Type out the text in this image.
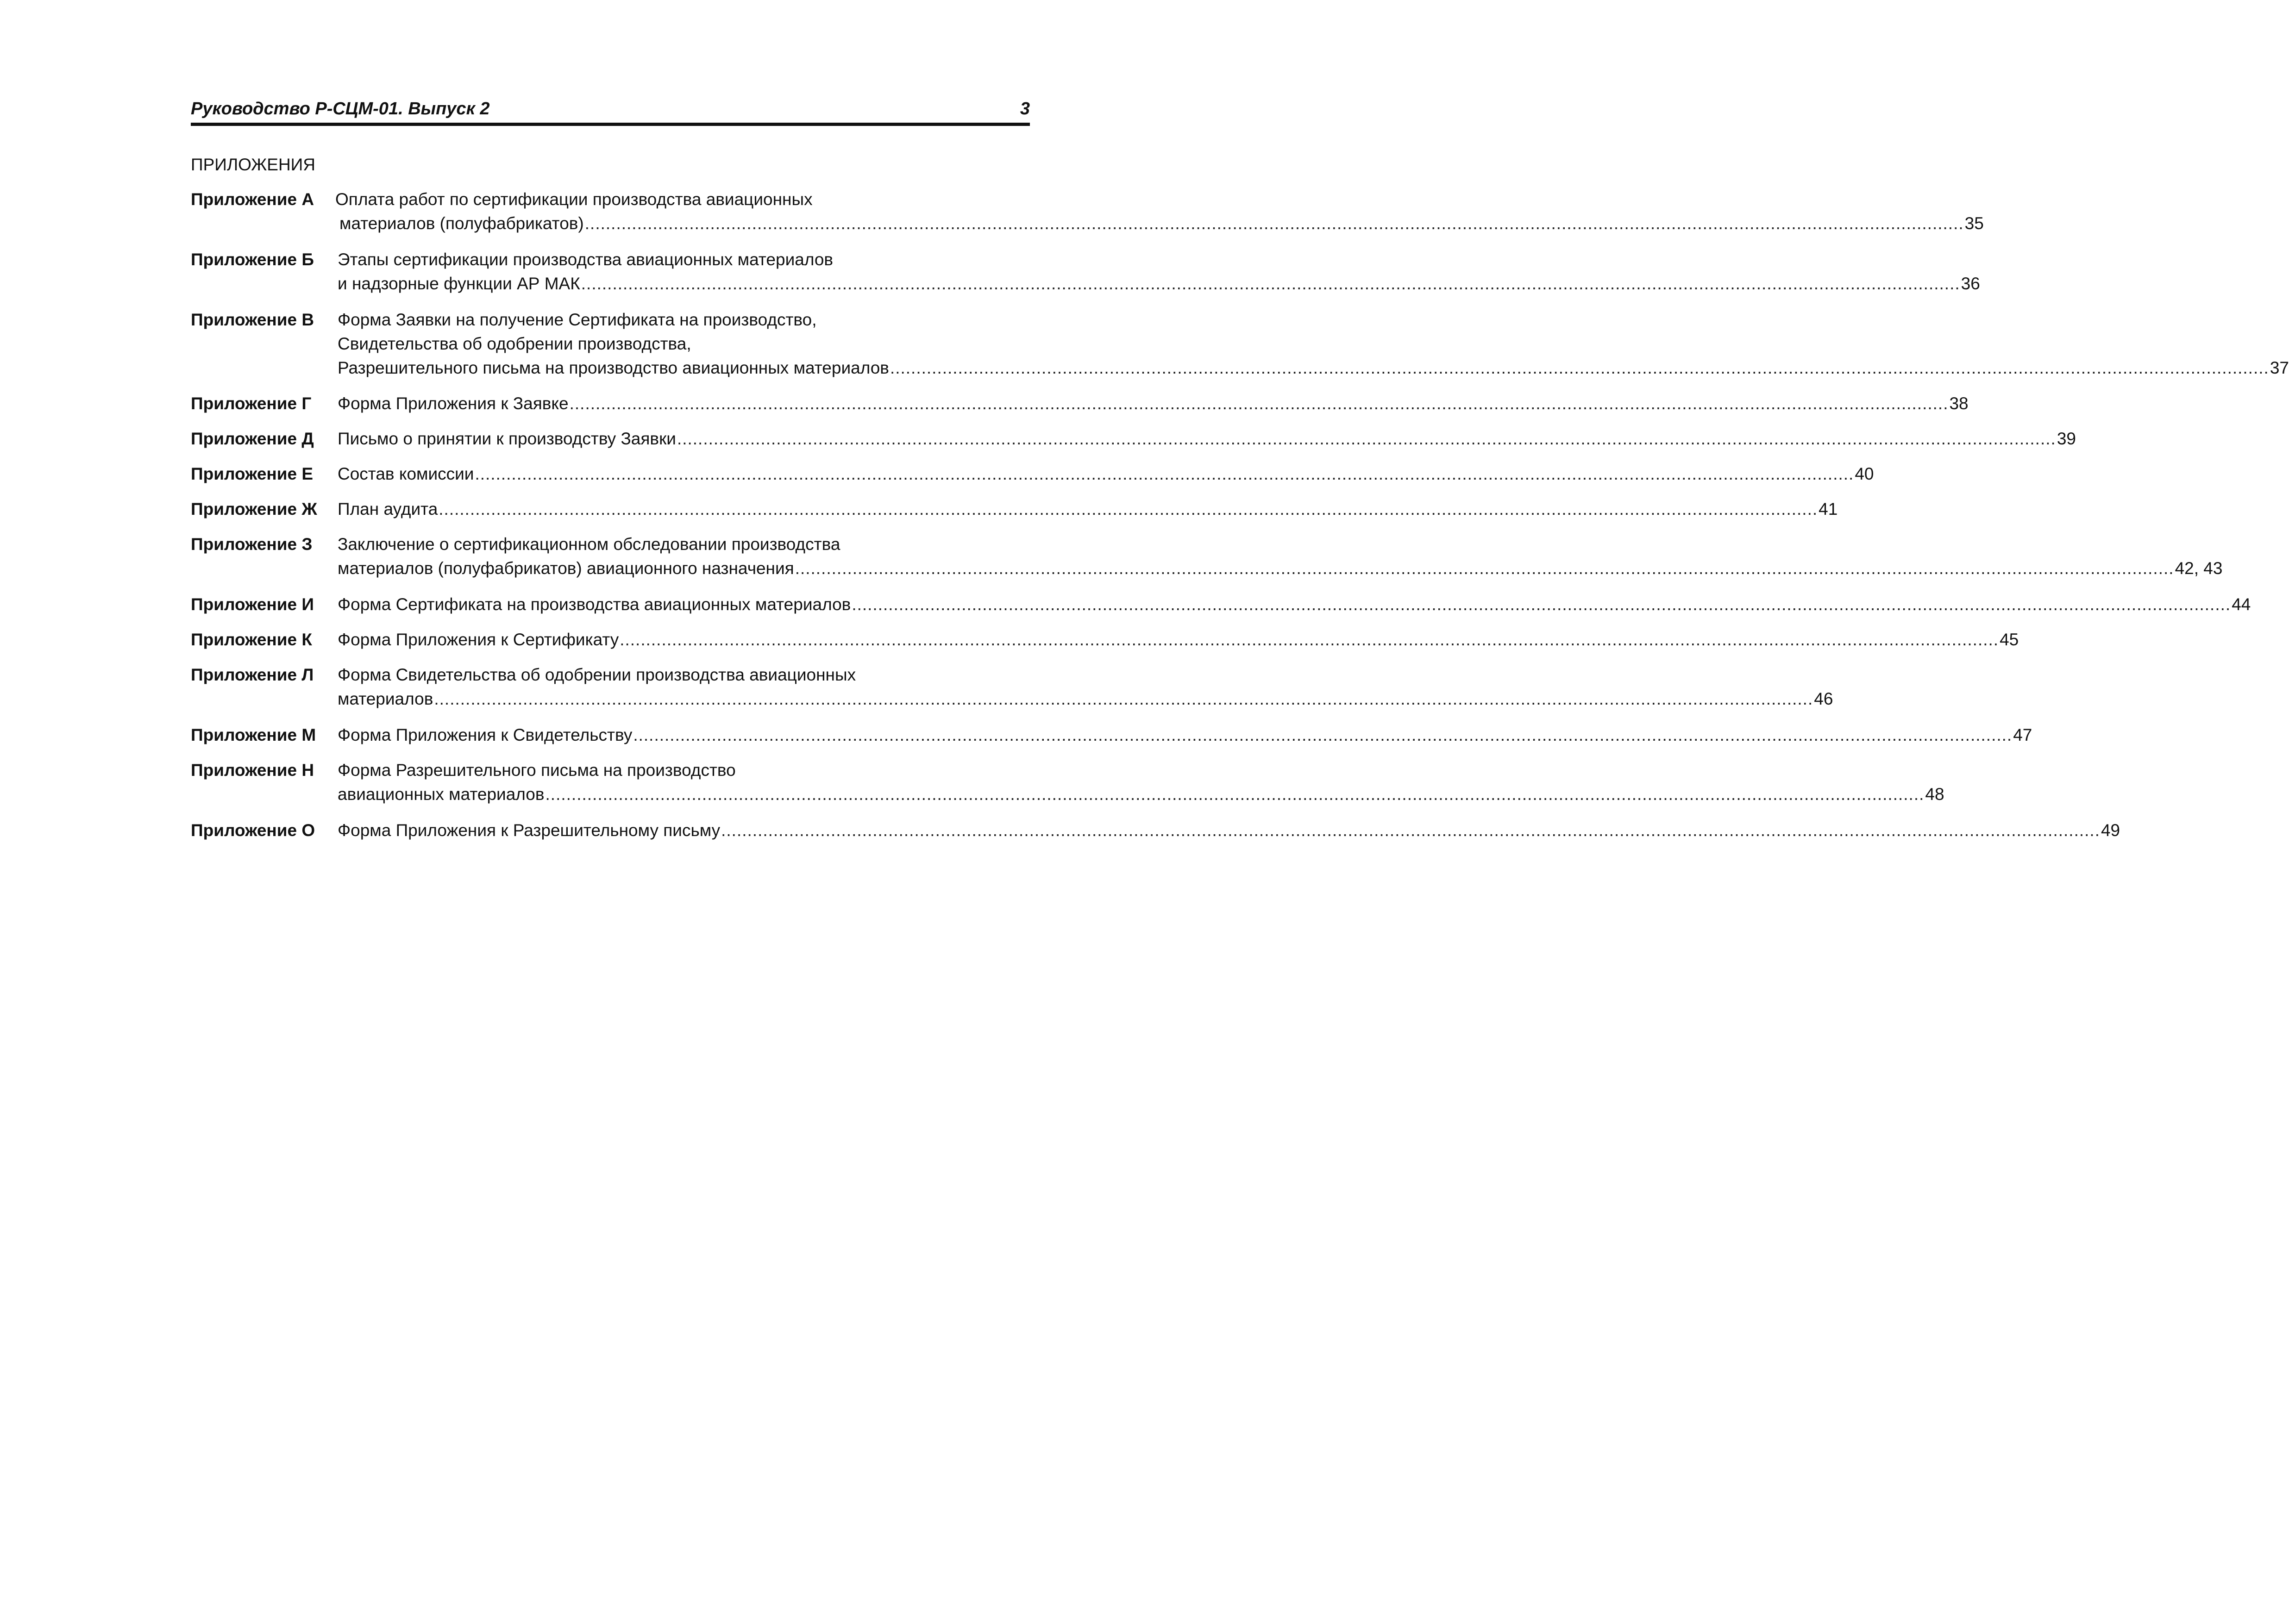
Руководство Р-СЦМ-01. Выпуск 2	3
ПРИЛОЖЕНИЯ
Приложение А Оплата работ по сертификации производства авиационных
материалов (полуфабрикатов) ........................................................................................................................................................................................................................................................................ 35
Приложение Б Этапы сертификации производства авиационных материалов
и надзорные функции АР МАК ........................................................................................................................................................................................................................................................................ 36
Приложение В Форма Заявки на получение Сертификата на производство,
Свидетельства об одобрении производства,
Разрешительного письма на производство авиационных материалов ........................................................................................................................................................................................................................................................................ 37
Приложение Г Форма Приложения к Заявке ........................................................................................................................................................................................................................................................................ 38
Приложение Д Письмо о принятии к производству Заявки ........................................................................................................................................................................................................................................................................ 39
Приложение Е Состав комиссии ........................................................................................................................................................................................................................................................................ 40
Приложение Ж План аудита ........................................................................................................................................................................................................................................................................ 41
Приложение З Заключение о сертификационном обследовании производства
материалов (полуфабрикатов) авиационного назначения ........................................................................................................................................................................................................................................................................ 42, 43
Приложение И Форма Сертификата на производства авиационных материалов ........................................................................................................................................................................................................................................................................ 44
Приложение К Форма Приложения к Сертификату ........................................................................................................................................................................................................................................................................ 45
Приложение Л Форма Свидетельства об одобрении производства авиационных
материалов ........................................................................................................................................................................................................................................................................ 46
Приложение М Форма Приложения к Свидетельству ........................................................................................................................................................................................................................................................................ 47
Приложение Н Форма Разрешительного письма на производство
авиационных материалов ........................................................................................................................................................................................................................................................................ 48
Приложение О Форма Приложения к Разрешительному письму ........................................................................................................................................................................................................................................................................ 49
